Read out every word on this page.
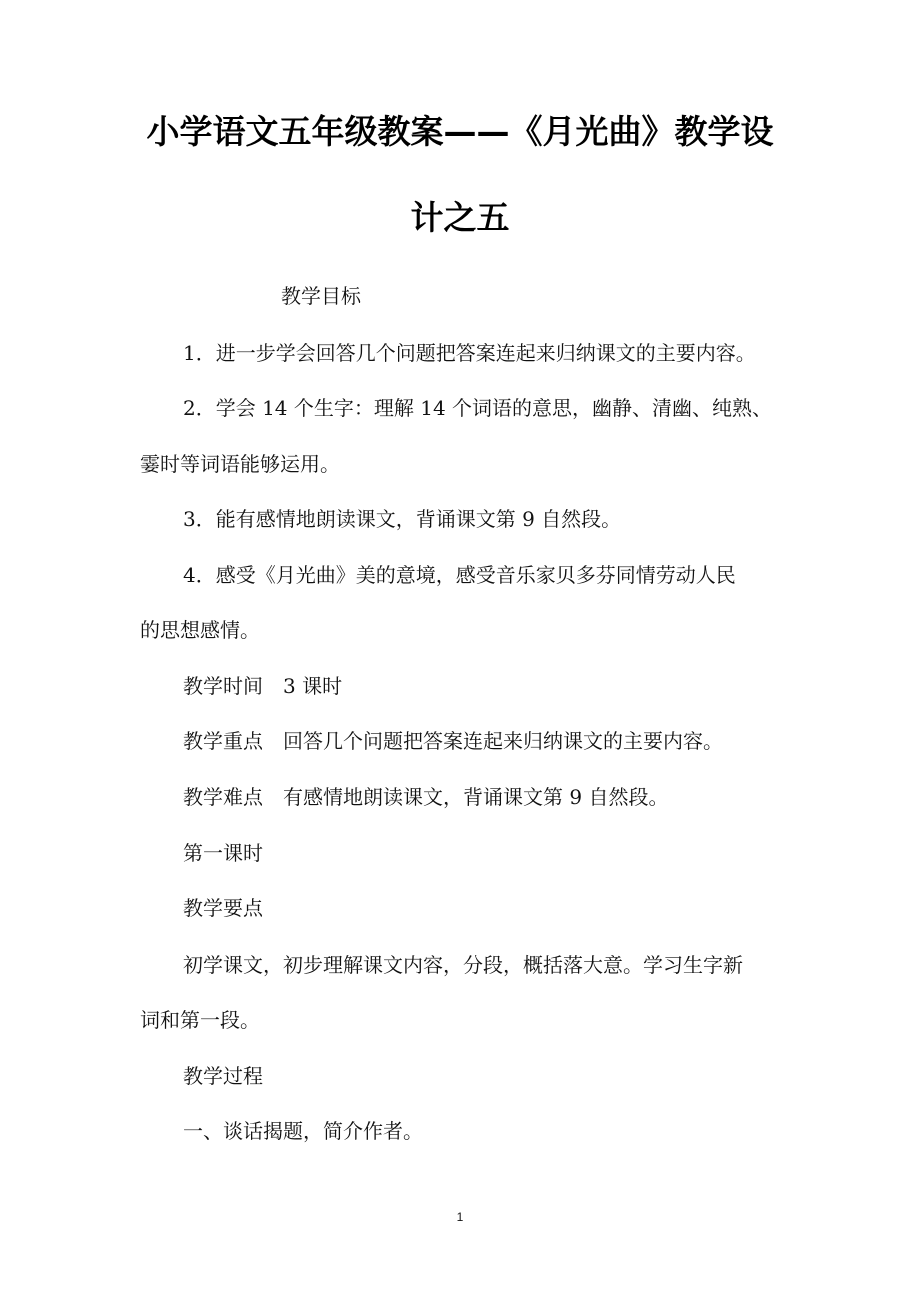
小学语文五年级教案——《月光曲》教学设
计之五
教学目标
1．进一步学会回答几个问题把答案连起来归纳课文的主要内容。
2．学会 14 个生字：理解 14 个词语的意思，幽静、清幽、纯熟、
霎时等词语能够运用。
3．能有感情地朗读课文，背诵课文第 9 自然段。
4．感受《月光曲》美的意境，感受音乐家贝多芬同情劳动人民
的思想感情。
教学时间　3 课时
教学重点　回答几个问题把答案连起来归纳课文的主要内容。
教学难点　有感情地朗读课文，背诵课文第 9 自然段。
第一课时
教学要点
初学课文，初步理解课文内容，分段，概括落大意。学习生字新
词和第一段。
教学过程
一、谈话揭题，简介作者。
1
